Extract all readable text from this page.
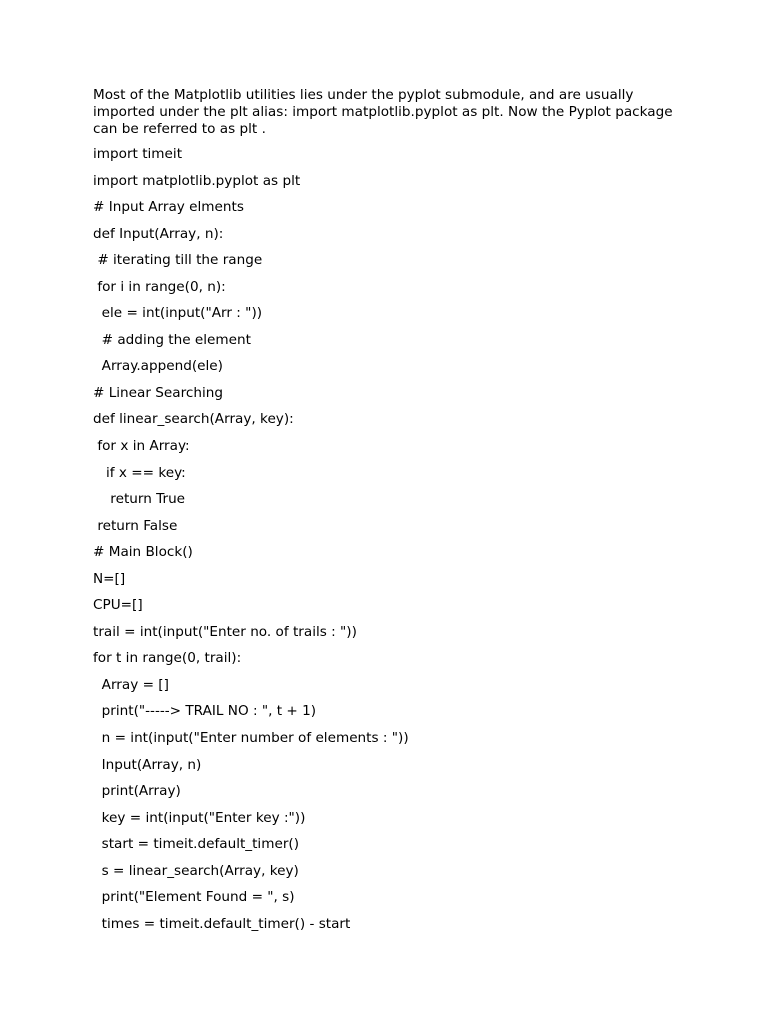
Most of the Matplotlib utilities lies under the pyplot submodule, and are usually imported under the plt alias: import matplotlib.pyplot as plt. Now the Pyplot package can be referred to as plt .

import timeit
import matplotlib.pyplot as plt
# Input Array elments
def Input(Array, n):
# iterating till the range
for i in range(0, n):
ele = int(input("Arr : "))
# adding the element
Array.append(ele)
# Linear Searching
def linear_search(Array, key):
for x in Array:
if x == key:
return True
return False
# Main Block()
N=[]
CPU=[]
trail = int(input("Enter no. of trails : "))
for t in range(0, trail):
Array = []
print("-----> TRAIL NO : ", t + 1)
n = int(input("Enter number of elements : "))
Input(Array, n)
print(Array)
key = int(input("Enter key :"))
start = timeit.default_timer()
s = linear_search(Array, key)
print("Element Found = ", s)
times = timeit.default_timer() - start
